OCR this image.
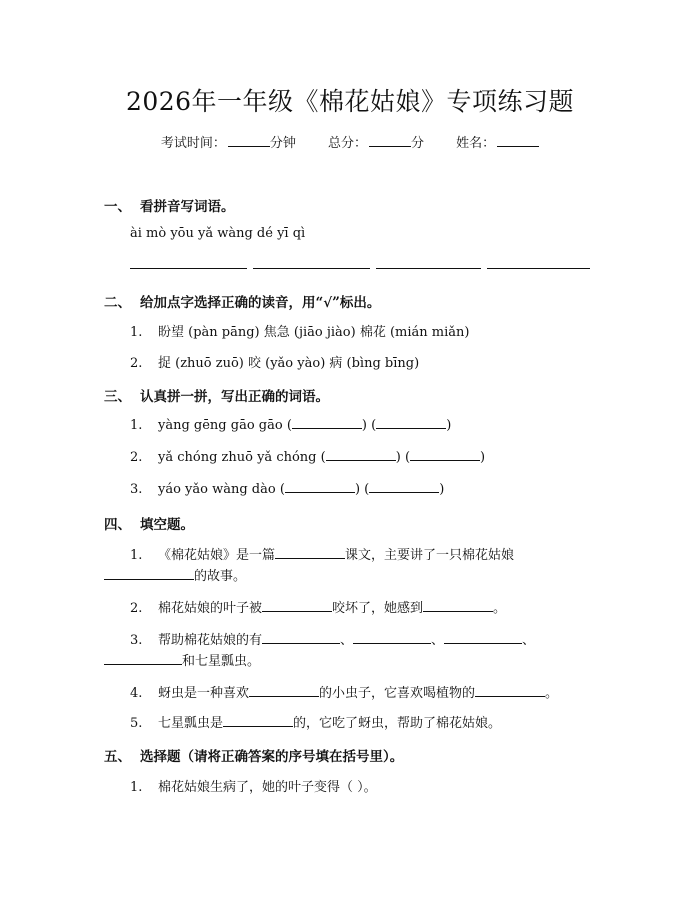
2026年一年级《棉花姑娘》专项练习题
考试时间：	分钟 总分：	分 姓名：
一、 看拼音写词语。
ài mò yōu yǎ wàng dé yī qì
二、 给加点字选择正确的读音，用“√”标出。
1. 盼望 (pàn pāng) 焦急 (jiāo jiào) 棉花 (mián miǎn)
2. 捉 (zhuō zuō) 咬 (yǎo yào) 病 (bìng bīng)
三、 认真拼一拼，写出正确的词语。
1. yàng gēng gāo gāo (	) (	)
2. yǎ chóng zhuō yǎ chóng (	) (	)
3. yáo yǎo wàng dào (	) (	)
四、 填空题。
1. 《棉花姑娘》是一篇	课文，主要讲了一只棉花姑娘
的故事。
2. 棉花姑娘的叶子被	咬坏了，她感到	。
3. 帮助棉花姑娘的有	、	、	、
和七星瓢虫。
4. 蚜虫是一种喜欢	的小虫子，它喜欢喝植物的	。
5. 七星瓢虫是	的，它吃了蚜虫，帮助了棉花姑娘。
五、 选择题（请将正确答案的序号填在括号里）。
1. 棉花姑娘生病了，她的叶子变得（ ）。
